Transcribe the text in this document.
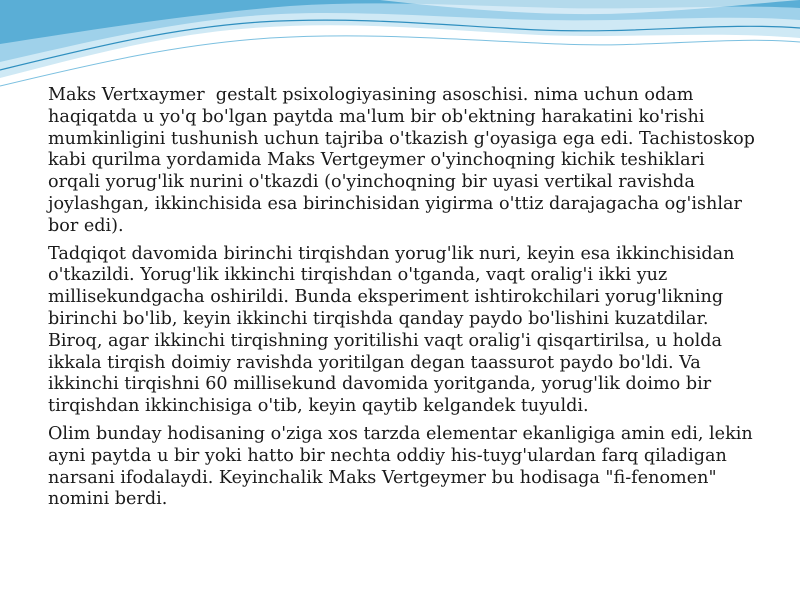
Maks Vertxaymer  gestalt psixologiyasining asoschisi. nima uchun odam haqiqatda u yo'q bo'lgan paytda ma'lum bir ob'ektning harakatini ko'rishi mumkinligini tushunish uchun tajriba o'tkazish g'oyasiga ega edi. Tachistoskop kabi qurilma yordamida Maks Vertgeymer o'yinchoqning kichik teshiklari orqali yorug'lik nurini o'tkazdi (o'yinchoqning bir uyasi vertikal ravishda joylashgan, ikkinchisida esa birinchisidan yigirma o'ttiz darajagacha og'ishlar bor edi).

Tadqiqot davomida birinchi tirqishdan yorug'lik nuri, keyin esa ikkinchisidan o'tkazildi. Yorug'lik ikkinchi tirqishdan o'tganda, vaqt oralig'i ikki yuz millisekundgacha oshirildi. Bunda eksperiment ishtirokchilari yorug'likning birinchi bo'lib, keyin ikkinchi tirqishda qanday paydo bo'lishini kuzatdilar. Biroq, agar ikkinchi tirqishning yoritilishi vaqt oralig'i qisqartirilsa, u holda ikkala tirqish doimiy ravishda yoritilgan degan taassurot paydo bo'ldi. Va ikkinchi tirqishni 60 millisekund davomida yoritganda, yorug'lik doimo bir tirqishdan ikkinchisiga o'tib, keyin qaytib kelgandek tuyuldi.

Olim bunday hodisaning o'ziga xos tarzda elementar ekanligiga amin edi, lekin ayni paytda u bir yoki hatto bir nechta oddiy his-tuyg'ulardan farq qiladigan narsani ifodalaydi. Keyinchalik Maks Vertgeymer bu hodisaga "fi-fenomen" nomini berdi.
